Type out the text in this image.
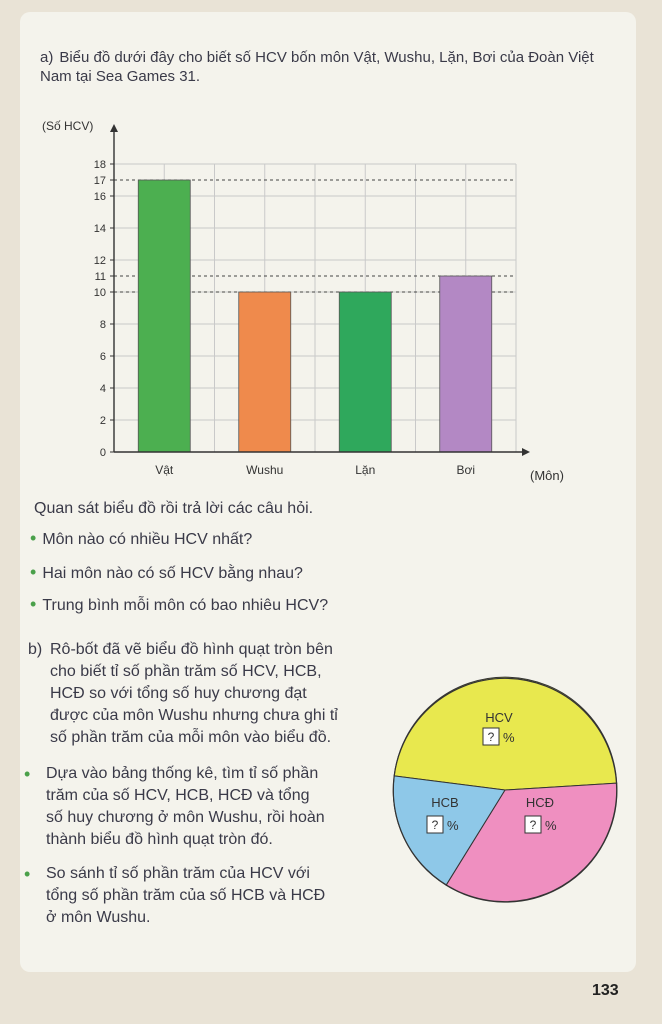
a) Biểu đồ dưới đây cho biết số HCV bốn môn Vật, Wushu, Lặn, Bơi của Đoàn Việt Nam tại Sea Games 31.

0
2
4
6
8
10
11
12
14
16
17
18
Vật	Wushu	Lặn	Bơi
(Số HCV)
(Môn)

Quan sát biểu đồ rồi trả lời các câu hỏi.

• Môn nào có nhiều HCV nhất?

• Hai môn nào có số HCV bằng nhau?

• Trung bình mỗi môn có bao nhiêu HCV?

b) Rô-bốt đã vẽ biểu đồ hình quạt tròn bên

cho biết tỉ số phần trăm số HCV, HCB,

HCĐ so với tổng số huy chương đạt

được của môn Wushu nhưng chưa ghi tỉ

số phần trăm của mỗi môn vào biểu đồ.

• Dựa vào bảng thống kê, tìm tỉ số phần

trăm của số HCV, HCB, HCĐ và tổng

số huy chương ở môn Wushu, rồi hoàn

thành biểu đồ hình quạt tròn đó.

• So sánh tỉ số phần trăm của HCV với

tổng số phần trăm của số HCB và HCĐ

ở môn Wushu.

HCV
? %
HCB
? %
HCĐ
? %
133
